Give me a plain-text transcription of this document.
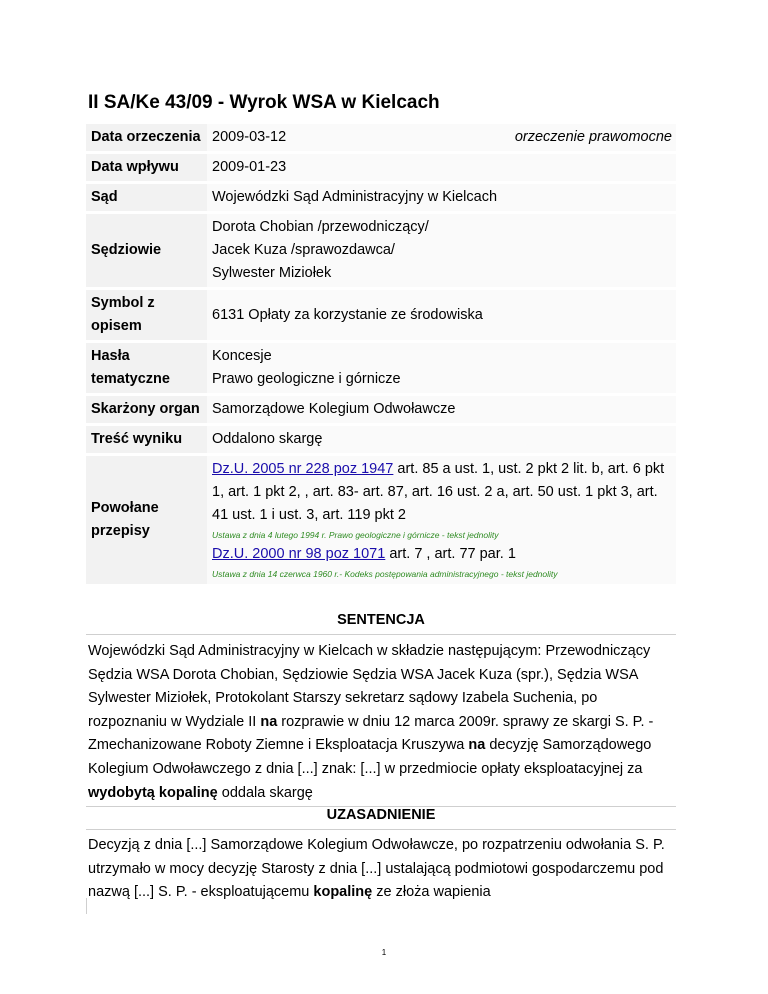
II SA/Ke 43/09 - Wyrok WSA w Kielcach
Data orzeczenia	2009-03-12 orzeczenie prawomocne

Data wpływu	2009-01-23
Sąd	Wojewódzki Sąd Administracyjny w Kielcach
Sędziowie	Dorota Chobian /przewodniczący/
Jacek Kuza /sprawozdawca/
Sylwester Miziołek

Symbol z opisem	6131 Opłaty za korzystanie ze środowiska
Hasła tematyczne	Koncesje
Prawo geologiczne i górnicze

Skarżony organ	Samorządowe Kolegium Odwoławcze
Treść wyniku	Oddalono skargę
Powołane przepisy	Dz.U. 2005 nr 228 poz 1947 art. 85 a ust. 1, ust. 2 pkt 2 lit. b, art. 6 pkt 1, art. 1 pkt 2, , art. 83- art. 87, art. 16 ust. 2 a, art. 50 ust. 1 pkt 3, art. 41 ust. 1 i ust. 3, art. 119 pkt 2
Ustawa z dnia 4 lutego 1994 r. Prawo geologiczne i górnicze - tekst jednolity
Dz.U. 2000 nr 98 poz 1071 art. 7 , art. 77 par. 1
Ustawa z dnia 14 czerwca 1960 r.- Kodeks postępowania administracyjnego - tekst jednolity
SENTENCJA
Wojewódzki Sąd Administracyjny w Kielcach w składzie następującym: Przewodniczący Sędzia WSA Dorota Chobian, Sędziowie Sędzia WSA Jacek Kuza (spr.), Sędzia WSA Sylwester Miziołek, Protokolant Starszy sekretarz sądowy Izabela Suchenia, po rozpoznaniu w Wydziale II na rozprawie w dniu 12 marca 2009r. sprawy ze skargi S. P. - Zmechanizowane Roboty Ziemne i Eksploatacja Kruszywa na decyzję Samorządowego Kolegium Odwoławczego z dnia [...] znak: [...] w przedmiocie opłaty eksploatacyjnej za wydobytą kopalinę oddala skargę
UZASADNIENIE
Decyzją z dnia [...] Samorządowe Kolegium Odwoławcze, po rozpatrzeniu odwołania S. P. utrzymało w mocy decyzję Starosty z dnia [...] ustalającą podmiotowi gospodarczemu pod nazwą [...] S. P. - eksploatującemu kopalinę ze złoża wapienia
1
